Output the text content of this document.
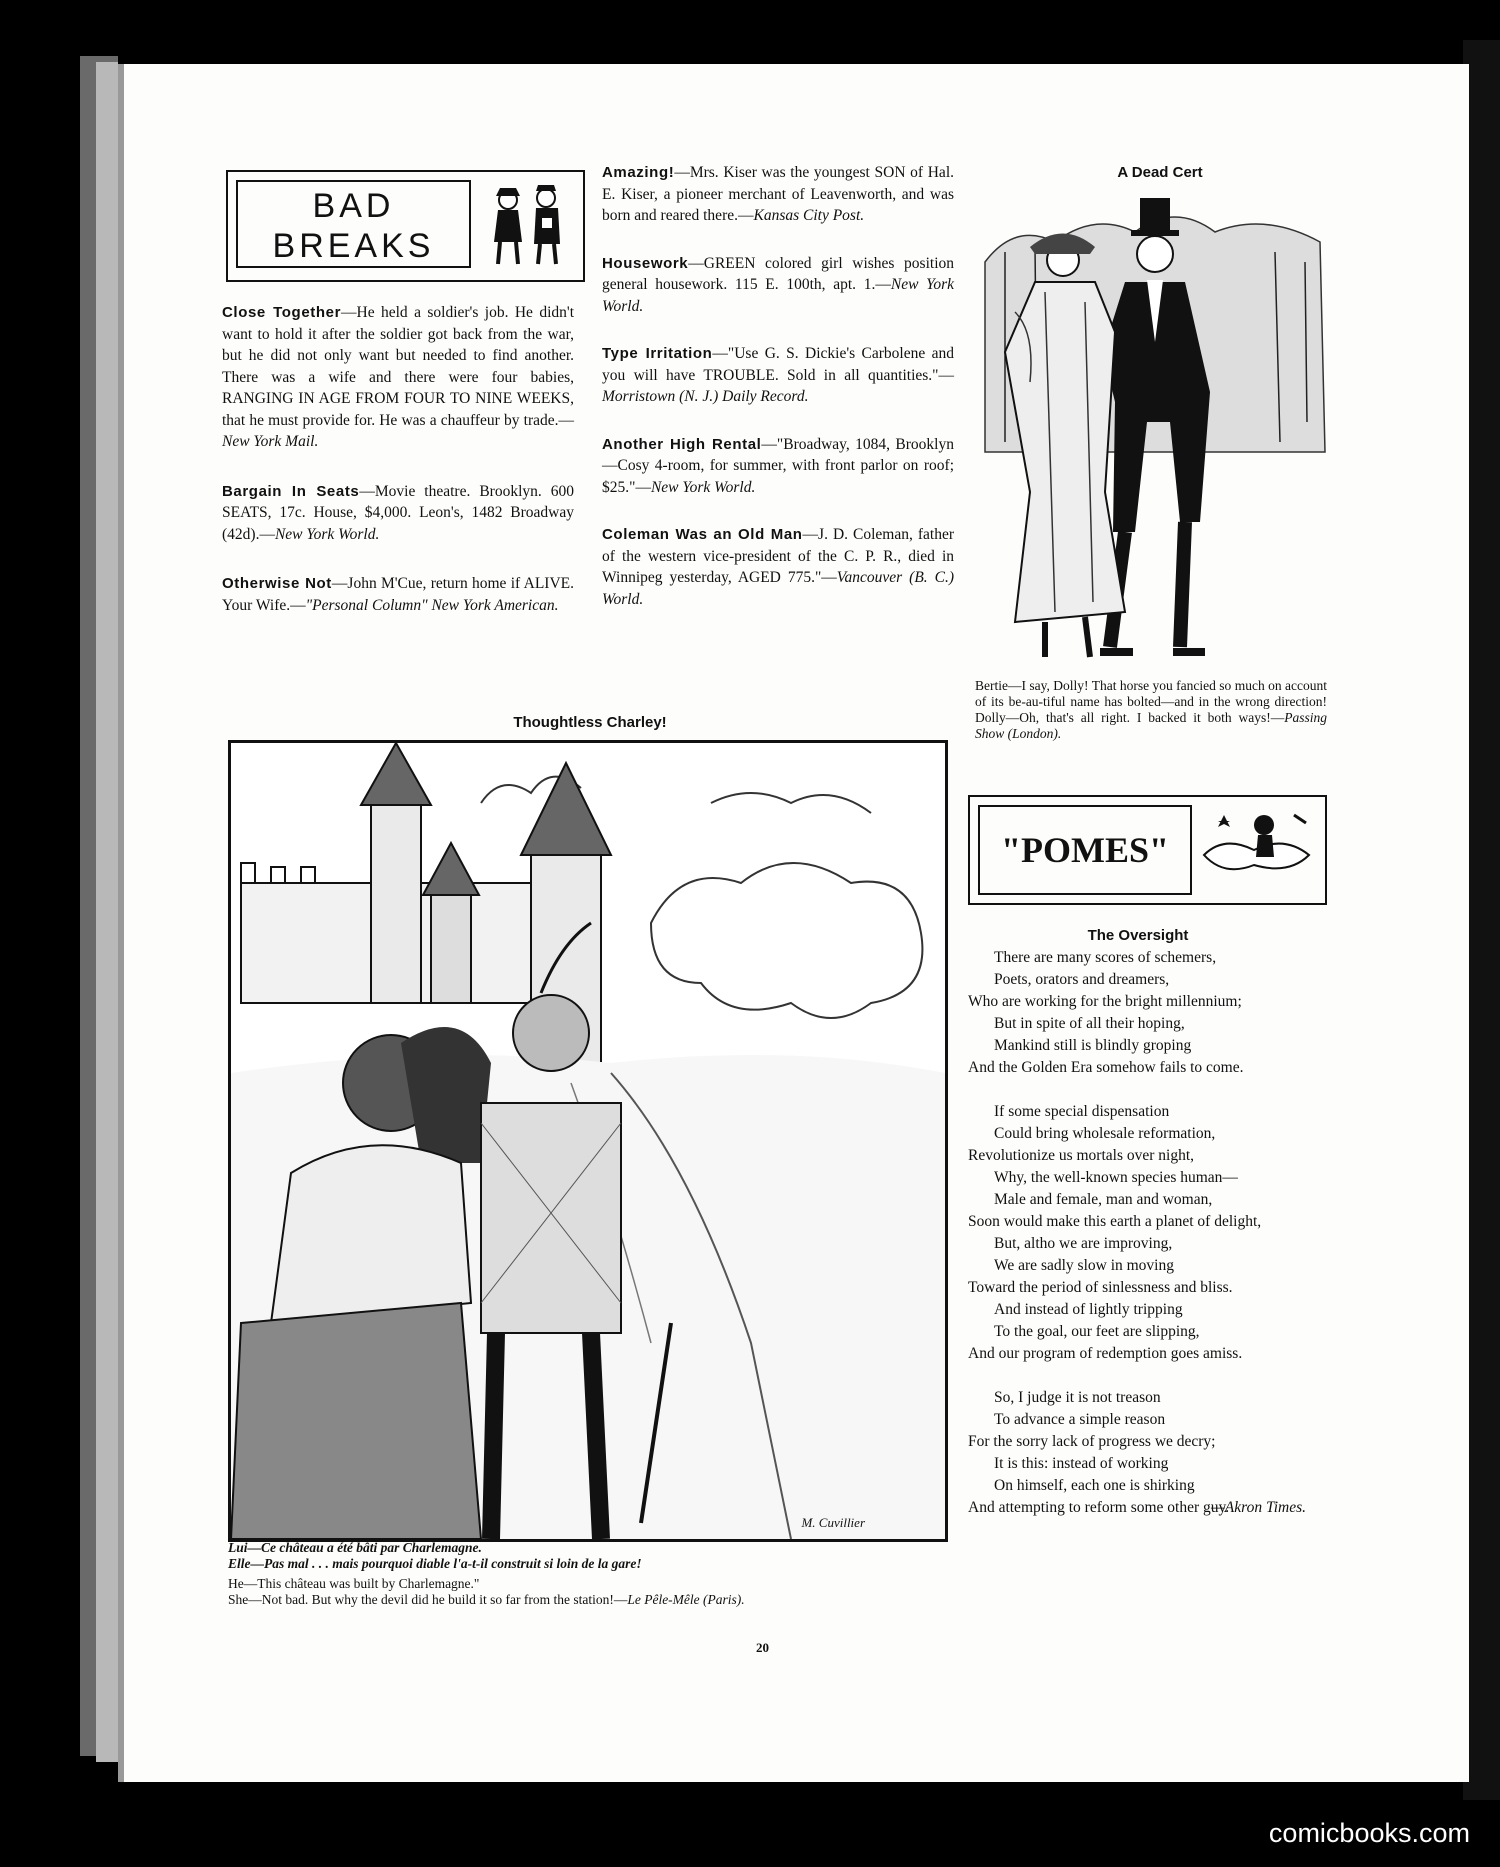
BAD
BREAKS
Close Together—He held a soldier's job. He didn't want to hold it after the soldier got back from the war, but he did not only want but needed to find another. There was a wife and there were four babies, RANGING IN AGE FROM FOUR TO NINE WEEKS, that he must provide for. He was a chauffeur by trade.—New York Mail.
Bargain In Seats—Movie theatre. Brooklyn. 600 SEATS, 17c. House, $4,000. Leon's, 1482 Broadway (42d).—New York World.
Otherwise Not—John M'Cue, return home if ALIVE. Your Wife.—"Personal Column" New York American.
Amazing!—Mrs. Kiser was the youngest SON of Hal. E. Kiser, a pioneer merchant of Leavenworth, and was born and reared there.—Kansas City Post.
Housework—GREEN colored girl wishes position general housework. 115 E. 100th, apt. 1.—New York World.
Type Irritation—"Use G. S. Dickie's Carbolene and you will have TROUBLE. Sold in all quantities."—Morristown (N. J.) Daily Record.
Another High Rental—"Broadway, 1084, Brooklyn—Cosy 4-room, for summer, with front parlor on roof; $25."—New York World.
Coleman Was an Old Man—J. D. Coleman, father of the western vice-president of the C. P. R., died in Winnipeg yesterday, AGED 775."—Vancouver (B. C.) World.
A Dead Cert
Bertie—I say, Dolly! That horse you fancied so much on account of its be-au-tiful name has bolted—and in the wrong direction! Dolly—Oh, that's all right. I backed it both ways!—Passing Show (London).
Thoughtless Charley!
M. Cuvillier
Lui—Ce château a été bâti par Charlemagne.
Elle—Pas mal . . . mais pourquoi diable l'a-t-il construit si loin de la gare!
He—This château was built by Charlemagne."
She—Not bad. But why the devil did he build it so far from the station!—Le Pêle-Mêle (Paris).
"POMES"
The Oversight
There are many scores of schemers,
Poets, orators and dreamers,
Who are working for the bright millennium;
But in spite of all their hoping,
Mankind still is blindly groping
And the Golden Era somehow fails to come.
If some special dispensation
Could bring wholesale reformation,
Revolutionize us mortals over night,
Why, the well-known species human—
Male and female, man and woman,
Soon would make this earth a planet of delight,
But, altho we are improving,
We are sadly slow in moving
Toward the period of sinlessness and bliss.
And instead of lightly tripping
To the goal, our feet are slipping,
And our program of redemption goes amiss.
So, I judge it is not treason
To advance a simple reason
For the sorry lack of progress we decry;
It is this: instead of working
On himself, each one is shirking
And attempting to reform some other guy.
—Akron Times.
20
comicbooks.com
